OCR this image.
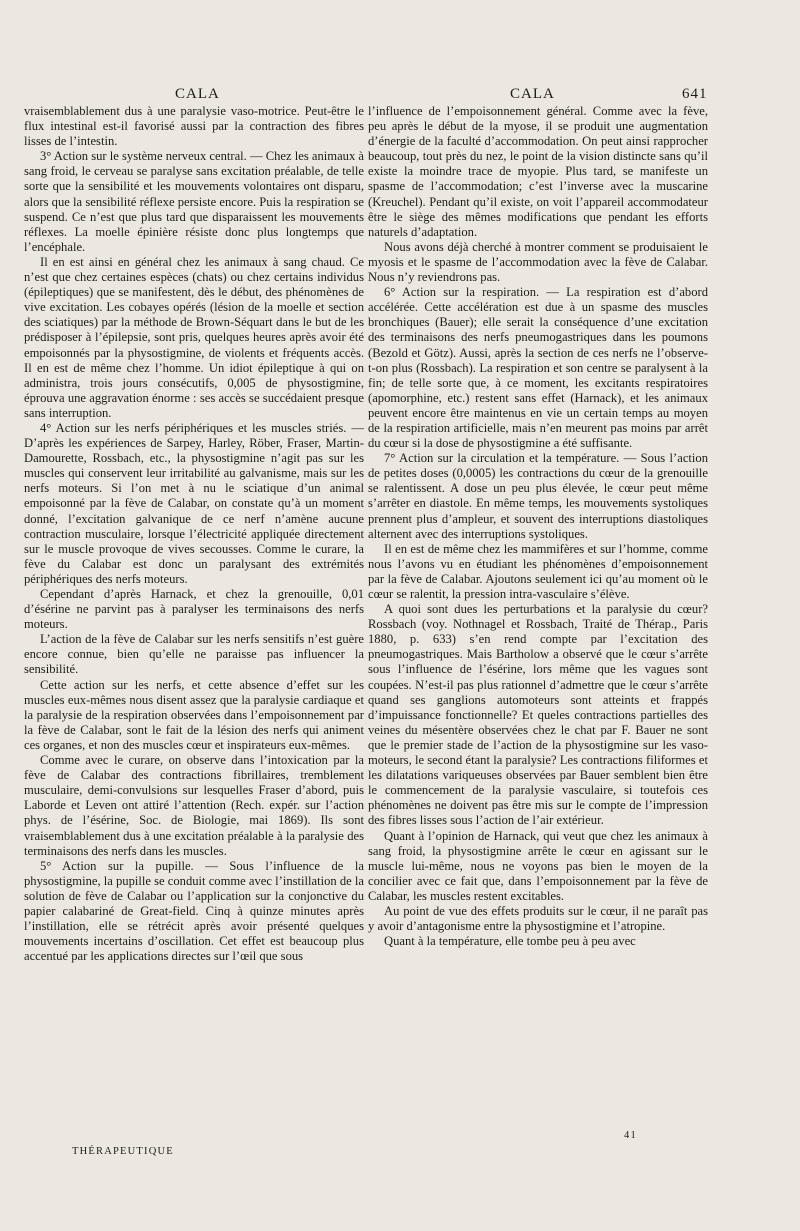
CALA	CALA	641

vraisemblablement dus à une paralysie vaso-motrice. Peut-être le flux intestinal est-il favorisé aussi par la contraction des fibres lisses de l’intestin.

3° Action sur le système nerveux central. — Chez les animaux à sang froid, le cerveau se paralyse sans excitation préalable, de telle sorte que la sensibilité et les mouvements volontaires ont disparu, alors que la sensibilité réflexe persiste encore. Puis la respiration se suspend. Ce n’est que plus tard que disparaissent les mouvements réflexes. La moelle épinière résiste donc plus longtemps que l’encéphale.

Il en est ainsi en général chez les animaux à sang chaud. Ce n’est que chez certaines espèces (chats) ou chez certains individus (épileptiques) que se manifestent, dès le début, des phénomènes de vive excitation. Les cobayes opérés (lésion de la moelle et section des sciatiques) par la méthode de Brown-Séquart dans le but de les prédisposer à l’épilepsie, sont pris, quelques heures après avoir été empoisonnés par la physostigmine, de violents et fréquents accès. Il en est de même chez l’homme. Un idiot épileptique à qui on administra, trois jours consécutifs, 0,005 de physostigmine, éprouva une aggravation énorme : ses accès se succédaient presque sans interruption.

4° Action sur les nerfs périphériques et les muscles striés. — D’après les expériences de Sarpey, Harley, Röber, Fraser, Martin-Damourette, Rossbach, etc., la physostigmine n’agit pas sur les muscles qui conservent leur irritabilité au galvanisme, mais sur les nerfs moteurs. Si l’on met à nu le sciatique d’un animal empoisonné par la fève de Calabar, on constate qu’à un moment donné, l’excitation galvanique de ce nerf n’amène aucune contraction musculaire, lorsque l’électricité appliquée directement sur le muscle provoque de vives secousses. Comme le curare, la fève du Calabar est donc un paralysant des extrémités périphériques des nerfs moteurs.

Cependant d’après Harnack, et chez la grenouille, 0,01 d’ésérine ne parvint pas à paralyser les terminaisons des nerfs moteurs.

L’action de la fève de Calabar sur les nerfs sensitifs n’est guère encore connue, bien qu’elle ne paraisse pas influencer la sensibilité.

Cette action sur les nerfs, et cette absence d’effet sur les muscles eux-mêmes nous disent assez que la paralysie cardiaque et la paralysie de la respiration observées dans l’empoisonnement par la fève de Calabar, sont le fait de la lésion des nerfs qui animent ces organes, et non des muscles cœur et inspirateurs eux-mêmes.

Comme avec le curare, on observe dans l’intoxication par la fève de Calabar des contractions fibrillaires, tremblement musculaire, demi-convulsions sur lesquelles Fraser d’abord, puis Laborde et Leven ont attiré l’attention (Rech. expér. sur l’action phys. de l’ésérine, Soc. de Biologie, mai 1869). Ils sont vraisemblablement dus à une excitation préalable à la paralysie des terminaisons des nerfs dans les muscles.

5° Action sur la pupille. — Sous l’influence de la physostigmine, la pupille se conduit comme avec l’instillation de la solution de fève de Calabar ou l’application sur la conjonctive du papier calabariné de Great-field. Cinq à quinze minutes après l’instillation, elle se rétrécit après avoir présenté quelques mouvements incertains d’oscillation. Cet effet est beaucoup plus accentué par les applications directes sur l’œil que sous

l’influence de l’empoisonnement général. Comme avec la fève, peu après le début de la myose, il se produit une augmentation d’énergie de la faculté d’accommodation. On peut ainsi rapprocher beaucoup, tout près du nez, le point de la vision distincte sans qu’il existe la moindre trace de myopie. Plus tard, se manifeste un spasme de l’accommodation; c’est l’inverse avec la muscarine (Kreuchel). Pendant qu’il existe, on voit l’appareil accommodateur être le siège des mêmes modifications que pendant les efforts naturels d’adaptation.

Nous avons déjà cherché à montrer comment se produisaient le myosis et le spasme de l’accommodation avec la fève de Calabar. Nous n’y reviendrons pas.

6° Action sur la respiration. — La respiration est d’abord accélérée. Cette accélération est due à un spasme des muscles bronchiques (Bauer); elle serait la conséquence d’une excitation des terminaisons des nerfs pneumogastriques dans les poumons (Bezold et Götz). Aussi, après la section de ces nerfs ne l’observe-t-on plus (Rossbach). La respiration et son centre se paralysent à la fin; de telle sorte que, à ce moment, les excitants respiratoires (apomorphine, etc.) restent sans effet (Harnack), et les animaux peuvent encore être maintenus en vie un certain temps au moyen de la respiration artificielle, mais n’en meurent pas moins par arrêt du cœur si la dose de physostigmine a été suffisante.

7° Action sur la circulation et la température. — Sous l’action de petites doses (0,0005) les contractions du cœur de la grenouille se ralentissent. A dose un peu plus élevée, le cœur peut même s’arrêter en diastole. En même temps, les mouvements systoliques prennent plus d’ampleur, et souvent des interruptions diastoliques alternent avec des interruptions systoliques.

Il en est de même chez les mammifères et sur l’homme, comme nous l’avons vu en étudiant les phénomènes d’empoisonnement par la fève de Calabar. Ajoutons seulement ici qu’au moment où le cœur se ralentit, la pression intra-vasculaire s’élève.

A quoi sont dues les perturbations et la paralysie du cœur? Rossbach (voy. Nothnagel et Rossbach, Traité de Thérap., Paris 1880, p. 633) s’en rend compte par l’excitation des pneumogastriques. Mais Bartholow a observé que le cœur s’arrête sous l’influence de l’ésérine, lors même que les vagues sont coupées. N’est-il pas plus rationnel d’admettre que le cœur s’arrête quand ses ganglions automoteurs sont atteints et frappés d’impuissance fonctionnelle? Et queles contractions partielles des veines du mésentère observées chez le chat par F. Bauer ne sont que le premier stade de l’action de la physostigmine sur les vaso-moteurs, le second étant la paralysie? Les contractions filiformes et les dilatations variqueuses observées par Bauer semblent bien être le commencement de la paralysie vasculaire, si toutefois ces phénomènes ne doivent pas être mis sur le compte de l’impression des fibres lisses sous l’action de l’air extérieur.

Quant à l’opinion de Harnack, qui veut que chez les animaux à sang froid, la physostigmine arrête le cœur en agissant sur le muscle lui-même, nous ne voyons pas bien le moyen de la concilier avec ce fait que, dans l’empoisonnement par la fève de Calabar, les muscles restent excitables.

Au point de vue des effets produits sur le cœur, il ne paraît pas y avoir d’antagonisme entre la physostigmine et l’atropine.

Quant à la température, elle tombe peu à peu avec

THÉRAPEUTIQUE
41
